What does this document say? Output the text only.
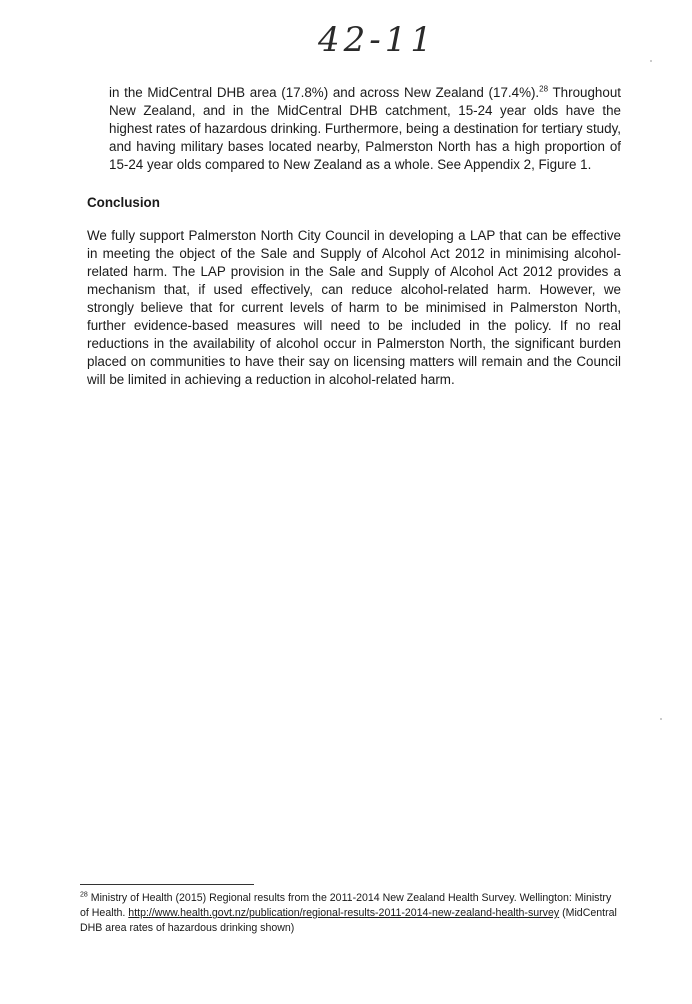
42-11

in the MidCentral DHB area (17.8%) and across New Zealand (17.4%).$^{28}$ Throughout New Zealand, and in the MidCentral DHB catchment, 15-24 year olds have the highest rates of hazardous drinking. Furthermore, being a destination for tertiary study, and having military bases located nearby, Palmerston North has a high proportion of 15-24 year olds compared to New Zealand as a whole. See Appendix 2, Figure 1.

Conclusion

We fully support Palmerston North City Council in developing a LAP that can be effective in meeting the object of the Sale and Supply of Alcohol Act 2012 in minimising alcohol-related harm. The LAP provision in the Sale and Supply of Alcohol Act 2012 provides a mechanism that, if used effectively, can reduce alcohol-related harm. However, we strongly believe that for current levels of harm to be minimised in Palmerston North, further evidence-based measures will need to be included in the policy. If no real reductions in the availability of alcohol occur in Palmerston North, the significant burden placed on communities to have their say on licensing matters will remain and the Council will be limited in achieving a reduction in alcohol-related harm.

$^{28}$ Ministry of Health (2015) Regional results from the 2011-2014 New Zealand Health Survey. Wellington: Ministry of Health. http://www.health.govt.nz/publication/regional-results-2011-2014-new-zealand-health-survey (MidCentral DHB area rates of hazardous drinking shown)
